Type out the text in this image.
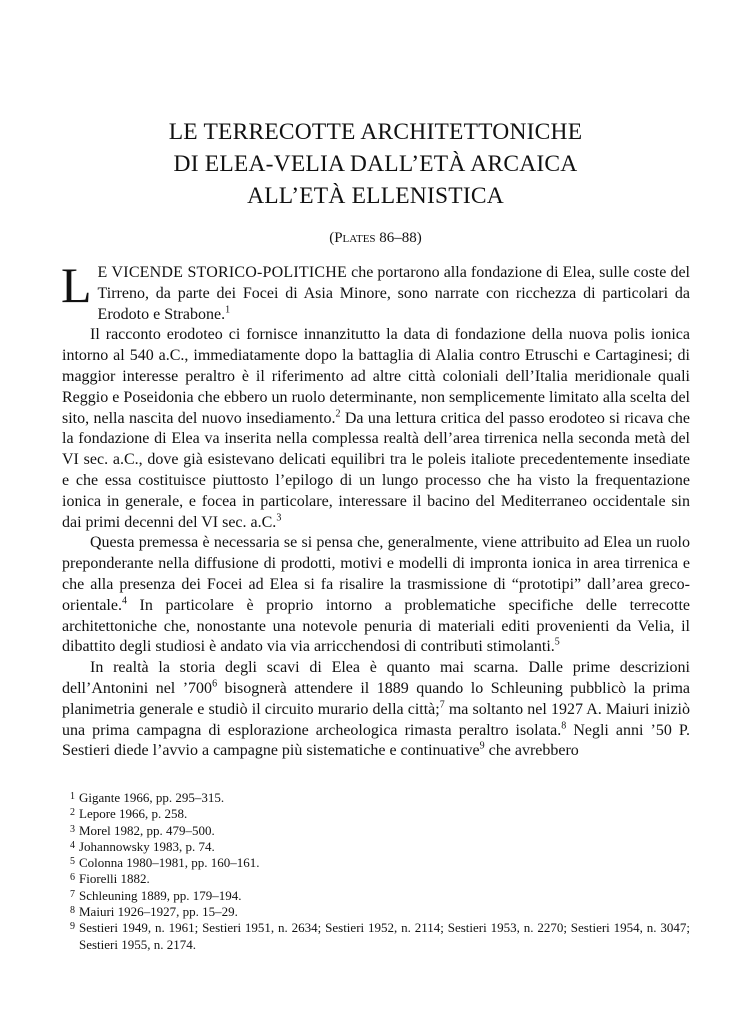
LE TERRECOTTE ARCHITETTONICHE
DI ELEA-VELIA DALL’ETÀ ARCAICA
ALL’ETÀ ELLENISTICA
(Plates 86–88)

L E VICENDE STORICO-POLITICHE che portarono alla fondazione di Elea, sulle coste del Tirreno, da parte dei Focei di Asia Minore, sono narrate con ricchezza di particolari da Erodoto e Strabone.$^1$

Il racconto erodoteo ci fornisce innanzitutto la data di fondazione della nuova polis ionica intorno al 540 a.C., immediatamente dopo la battaglia di Alalia contro Etruschi e Cartaginesi; di maggior interesse peraltro è il riferimento ad altre città coloniali dell’Italia meridionale quali Reggio e Poseidonia che ebbero un ruolo determinante, non semplicemente limitato alla scelta del sito, nella nascita del nuovo insediamento.$^2$ Da una lettura critica del passo erodoteo si ricava che la fondazione di Elea va inserita nella complessa realtà dell’area tirrenica nella seconda metà del VI sec. a.C., dove già esistevano delicati equilibri tra le poleis italiote precedentemente insediate e che essa costituisce piuttosto l’epilogo di un lungo processo che ha visto la frequentazione ionica in generale, e focea in particolare, interessare il bacino del Mediterraneo occidentale sin dai primi decenni del VI sec. a.C.$^3$

Questa premessa è necessaria se si pensa che, generalmente, viene attribuito ad Elea un ruolo preponderante nella diffusione di prodotti, motivi e modelli di impronta ionica in area tirrenica e che alla presenza dei Focei ad Elea si fa risalire la trasmissione di “prototipi” dall’area greco-orientale.$^4$ In particolare è proprio intorno a problematiche specifiche delle terrecotte architettoniche che, nonostante una notevole penuria di materiali editi provenienti da Velia, il dibattito degli studiosi è andato via via arricchendosi di contributi stimolanti.$^5$

In realtà la storia degli scavi di Elea è quanto mai scarna. Dalle prime descrizioni dell’Antonini nel $’700^6$ bisognerà attendere il 1889 quando lo Schleuning pubblicò la prima planimetria generale e studiò il circuito murario della città;$^7$ ma soltanto nel 1927 A. Maiuri iniziò una prima campagna di esplorazione archeologica rimasta peraltro isolata.$^8$ Negli anni ’50 P. Sestieri diede l’avvio a campagne più sistematiche e continuative$^9$ che avrebbero

1 Gigante 1966, pp. 295–315.
2 Lepore 1966, p. 258.
3 Morel 1982, pp. 479–500.
4 Johannowsky 1983, p. 74.
5 Colonna 1980–1981, pp. 160–161.
6 Fiorelli 1882.
7 Schleuning 1889, pp. 179–194.
8 Maiuri 1926–1927, pp. 15–29.
9 Sestieri 1949, n. 1961; Sestieri 1951, n. 2634; Sestieri 1952, n. 2114; Sestieri 1953, n. 2270; Sestieri 1954, n. 3047; Sestieri 1955, n. 2174.
